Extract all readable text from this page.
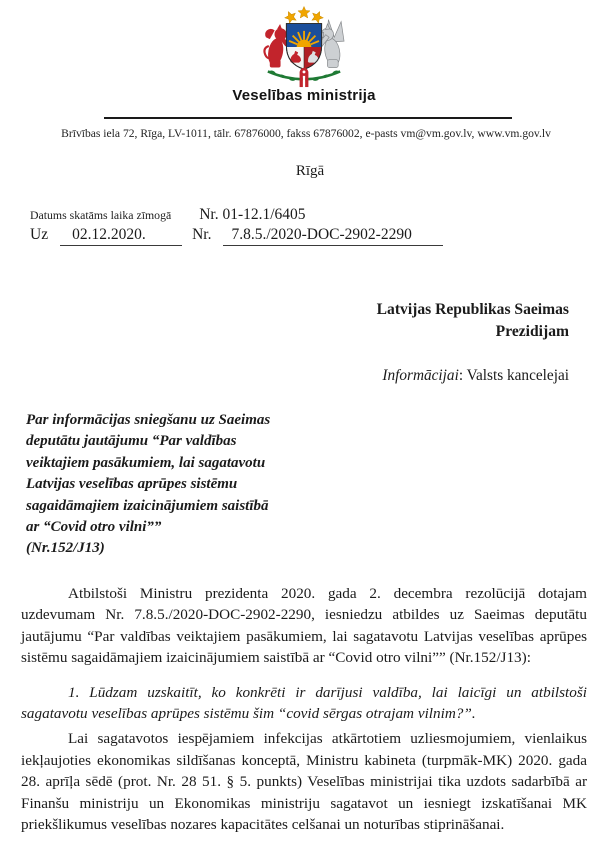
Veselības ministrija
Brīvības iela 72, Rīga, LV-1011, tālr. 67876000, fakss 67876002, e-pasts vm@vm.gov.lv, www.vm.gov.lv
Rīgā
Datums skatāms laika zīmogā Nr. 01-12.1/6405
Uz	02.12.2020.	Nr.	7.8.5./2020-DOC-2902-2290
Latvijas Republikas Saeimas
Prezidijam
Informācijai: Valsts kancelejai
Par informācijas sniegšanu uz Saeimas
deputātu jautājumu “Par valdības
veiktajiem pasākumiem, lai sagatavotu
Latvijas veselības aprūpes sistēmu
sagaidāmajiem izaicinājumiem saistībā
ar “Covid otro vilni””
(Nr.152/J13)

Atbilstoši Ministru prezidenta 2020. gada 2. decembra rezolūcijā dotajam uzdevumam Nr. 7.8.5./2020-DOC-2902-2290, iesniedzu atbildes uz Saeimas deputātu jautājumu “Par valdības veiktajiem pasākumiem, lai sagatavotu Latvijas veselības aprūpes sistēmu sagaidāmajiem izaicinājumiem saistībā ar “Covid otro vilni”” (Nr.152/J13):

1. Lūdzam uzskaitīt, ko konkrēti ir darījusi valdība, lai laicīgi un atbilstoši sagatavotu veselības aprūpes sistēmu šim “covid sērgas otrajam vilnim?”.

Lai sagatavotos iespējamiem infekcijas atkārtotiem uzliesmojumiem, vienlaikus iekļaujoties ekonomikas sildīšanas konceptā, Ministru kabineta (turpmāk-MK) 2020. gada 28. aprīļa sēdē (prot. Nr. 28 51. § 5. punkts) Veselības ministrijai tika uzdots sadarbībā ar Finanšu ministriju un Ekonomikas ministriju sagatavot un iesniegt izskatīšanai MK priekšlikumus veselības nozares kapacitātes celšanai un noturības stiprināšanai.
